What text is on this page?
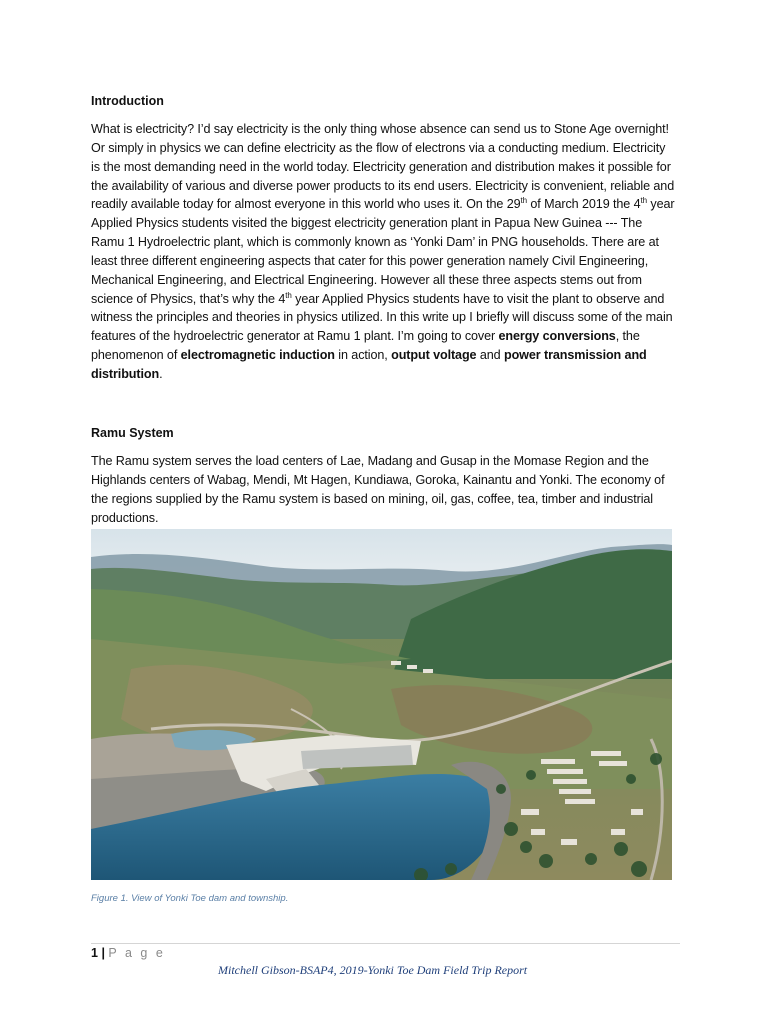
Introduction

What is electricity? I’d say electricity is the only thing whose absence can send us to Stone Age overnight! Or simply in physics we can define electricity as the flow of electrons via a conducting medium. Electricity is the most demanding need in the world today. Electricity generation and distribution makes it possible for the availability of various and diverse power products to its end users. Electricity is convenient, reliable and readily available today for almost everyone in this world who uses it. On the 29th of March 2019 the 4th year Applied Physics students visited the biggest electricity generation plant in Papua New Guinea --- The Ramu 1 Hydroelectric plant, which is commonly known as ‘Yonki Dam’ in PNG households. There are at least three different engineering aspects that cater for this power generation namely Civil Engineering, Mechanical Engineering, and Electrical Engineering. However all these three aspects stems out from science of Physics, that’s why the 4th year Applied Physics students have to visit the plant to observe and witness the principles and theories in physics utilized. In this write up I briefly will discuss some of the main features of the hydroelectric generator at Ramu 1 plant. I’m going to cover energy conversions, the phenomenon of electromagnetic induction in action, output voltage and power transmission and distribution.

Ramu System

The Ramu system serves the load centers of Lae, Madang and Gusap in the Momase Region and the Highlands centers of Wabag, Mendi, Mt Hagen, Kundiawa, Goroka, Kainantu and Yonki. The economy of the regions supplied by the Ramu system is based on mining, oil, gas, coffee, tea, timber and industrial productions.

Figure 1. View of Yonki Toe dam and township.

1 | P a g e
Mitchell Gibson-BSAP4, 2019-Yonki Toe Dam Field Trip Report
